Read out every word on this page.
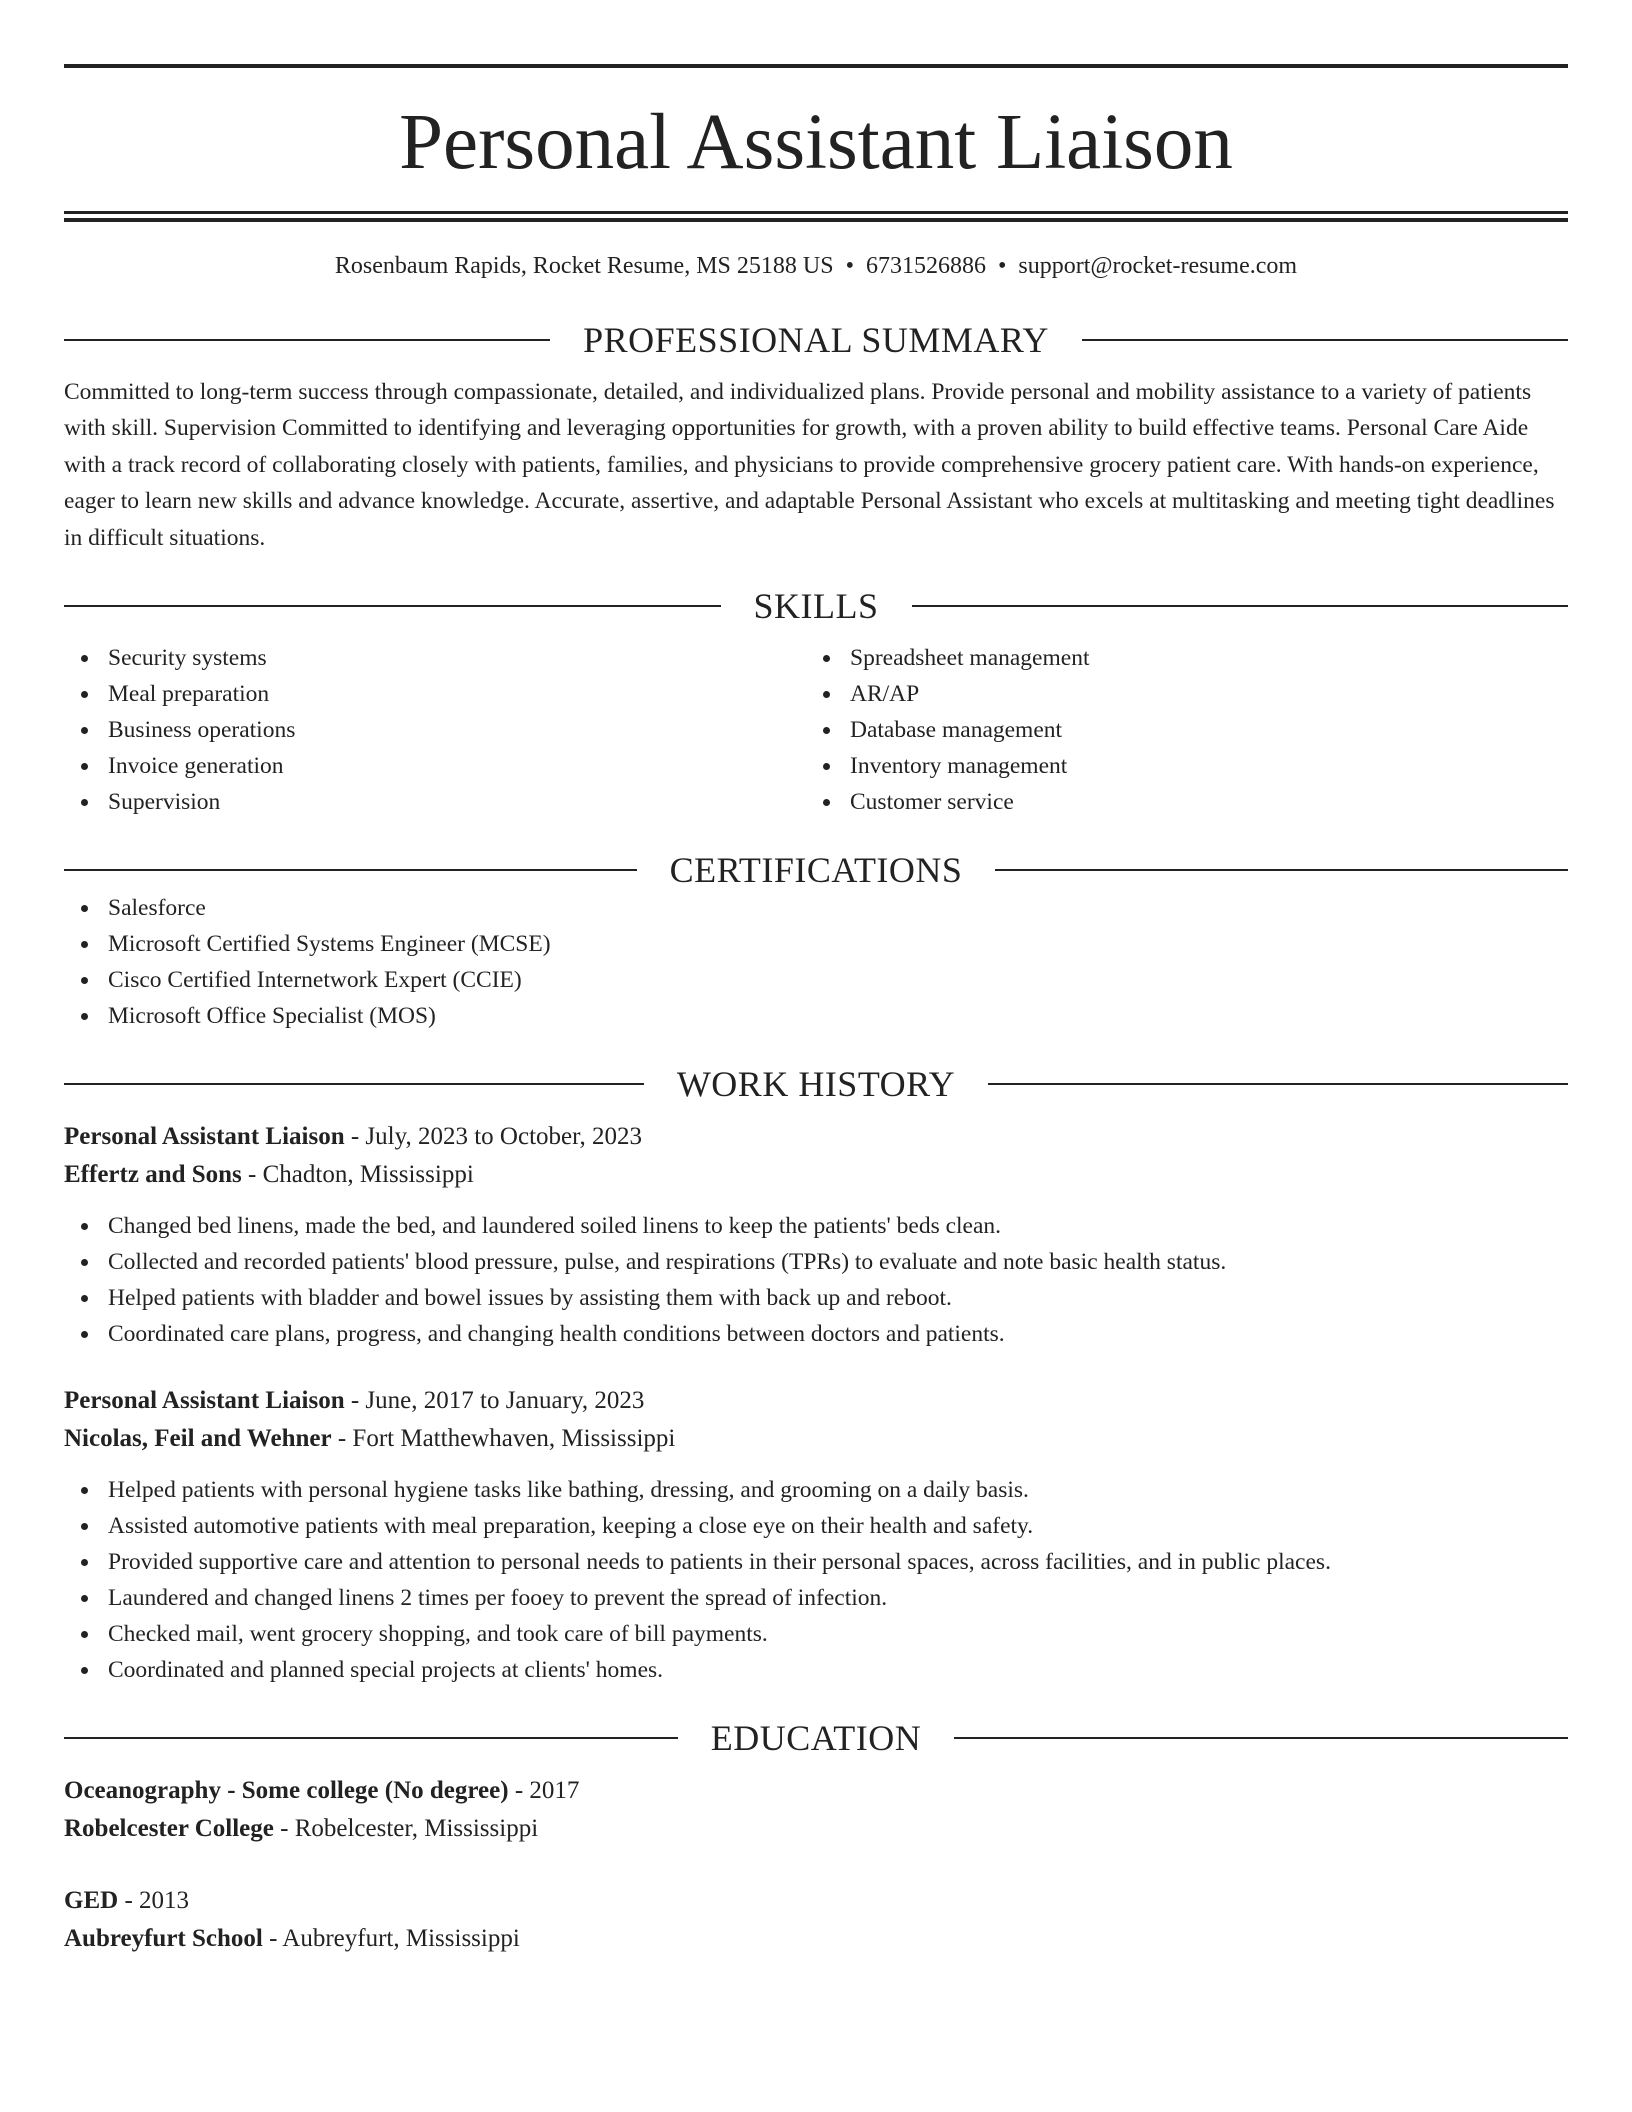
Personal Assistant Liaison
Rosenbaum Rapids, Rocket Resume, MS 25188 US • 6731526886 • support@rocket-resume.com
PROFESSIONAL SUMMARY
Committed to long-term success through compassionate, detailed, and individualized plans. Provide personal and mobility assistance to a variety of patients with skill. Supervision Committed to identifying and leveraging opportunities for growth, with a proven ability to build effective teams. Personal Care Aide with a track record of collaborating closely with patients, families, and physicians to provide comprehensive grocery patient care. With hands-on experience, eager to learn new skills and advance knowledge. Accurate, assertive, and adaptable Personal Assistant who excels at multitasking and meeting tight deadlines in difficult situations.
SKILLS
Security systems
Meal preparation
Business operations
Invoice generation
Supervision
Spreadsheet management
AR/AP
Database management
Inventory management
Customer service
CERTIFICATIONS
Salesforce
Microsoft Certified Systems Engineer (MCSE)
Cisco Certified Internetwork Expert (CCIE)
Microsoft Office Specialist (MOS)
WORK HISTORY
Personal Assistant Liaison - July, 2023 to October, 2023
Effertz and Sons - Chadton, Mississippi
Changed bed linens, made the bed, and laundered soiled linens to keep the patients' beds clean.
Collected and recorded patients' blood pressure, pulse, and respirations (TPRs) to evaluate and note basic health status.
Helped patients with bladder and bowel issues by assisting them with back up and reboot.
Coordinated care plans, progress, and changing health conditions between doctors and patients.
Personal Assistant Liaison - June, 2017 to January, 2023
Nicolas, Feil and Wehner - Fort Matthewhaven, Mississippi
Helped patients with personal hygiene tasks like bathing, dressing, and grooming on a daily basis.
Assisted automotive patients with meal preparation, keeping a close eye on their health and safety.
Provided supportive care and attention to personal needs to patients in their personal spaces, across facilities, and in public places.
Laundered and changed linens 2 times per fooey to prevent the spread of infection.
Checked mail, went grocery shopping, and took care of bill payments.
Coordinated and planned special projects at clients' homes.
EDUCATION
Oceanography - Some college (No degree) - 2017
Robelcester College - Robelcester, Mississippi
GED - 2013
Aubreyfurt School - Aubreyfurt, Mississippi
